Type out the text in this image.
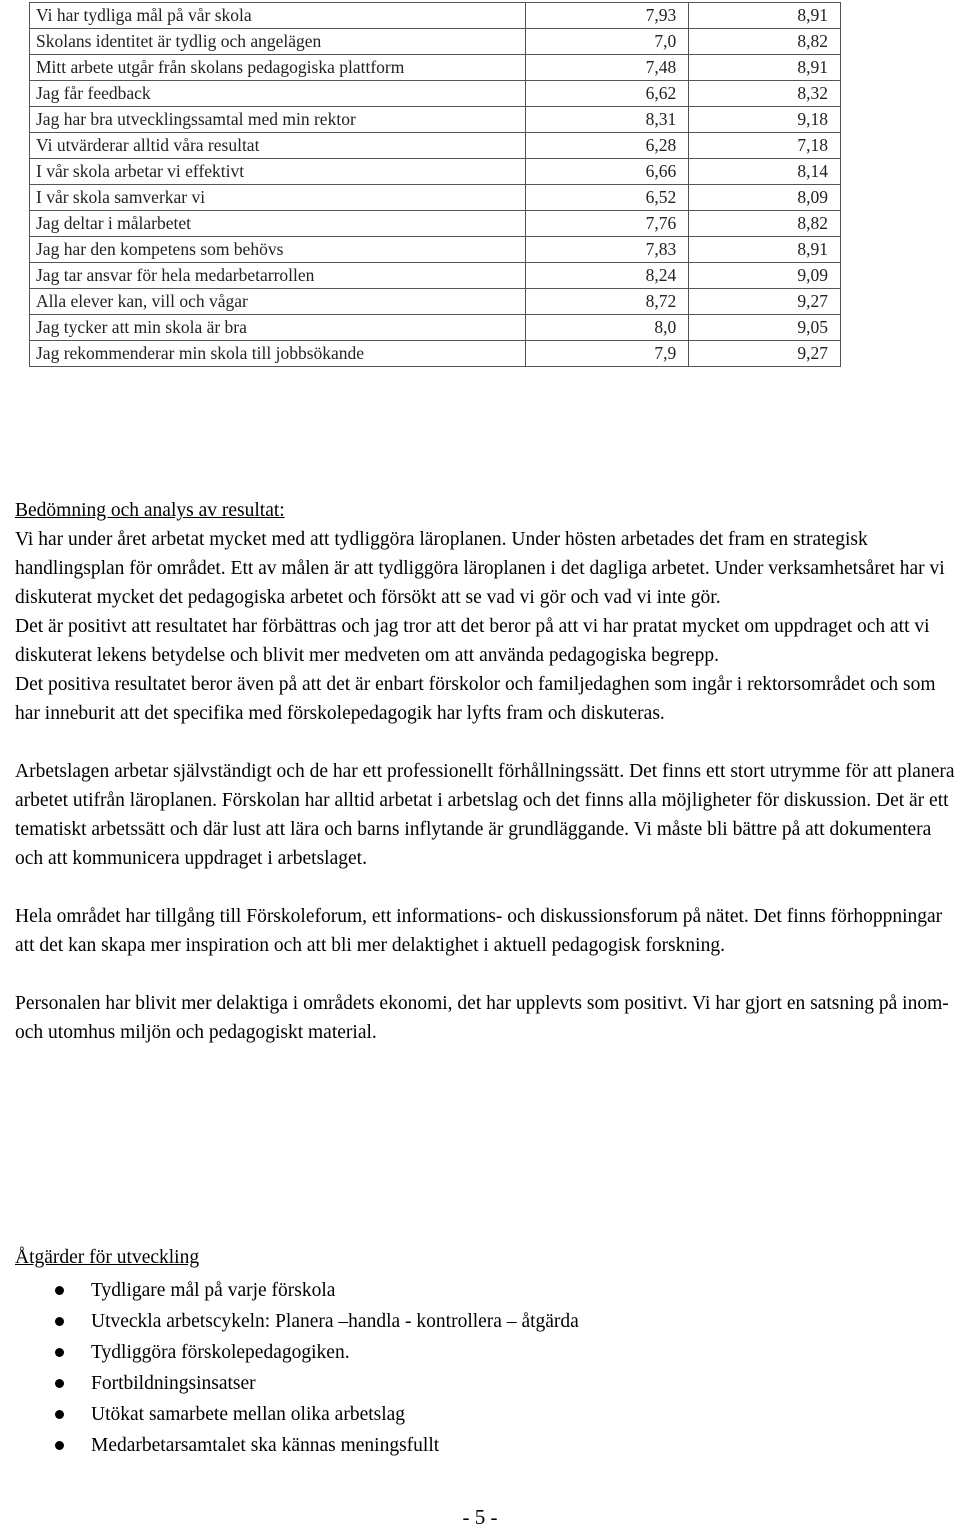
Vi har tydliga mål på vår skola	7,93	8,91
Skolans identitet är tydlig och angelägen	7,0	8,82
Mitt arbete utgår från skolans pedagogiska plattform	7,48	8,91
Jag får feedback	6,62	8,32
Jag har bra utvecklingssamtal med min rektor	8,31	9,18
Vi utvärderar alltid våra resultat	6,28	7,18
I vår skola arbetar vi effektivt	6,66	8,14
I vår skola samverkar vi	6,52	8,09
Jag deltar i målarbetet	7,76	8,82
Jag har den kompetens som behövs	7,83	8,91
Jag tar ansvar för hela medarbetarrollen	8,24	9,09
Alla elever kan, vill och vågar	8,72	9,27
Jag tycker att min skola är bra	8,0	9,05
Jag rekommenderar min skola till jobbsökande	7,9	9,27

Bedömning och analys av resultat:

Vi har under året arbetat mycket med att tydliggöra läroplanen. Under hösten arbetades det fram en strategisk handlingsplan för området. Ett av målen är att tydliggöra läroplanen i det dagliga arbetet. Under verksamhetsåret har vi diskuterat mycket det pedagogiska arbetet och försökt att se vad vi gör och vad vi inte gör.

Det är positivt att resultatet har förbättras och jag tror att det beror på att vi har pratat mycket om uppdraget och att vi diskuterat lekens betydelse och blivit mer medveten om att använda pedagogiska begrepp.

Det positiva resultatet beror även på att det är enbart förskolor och familjedaghen som ingår i rektorsområdet och som har inneburit att det specifika med förskolepedagogik har lyfts fram och diskuteras.

Arbetslagen arbetar självständigt och de har ett professionellt förhållningssätt. Det finns ett stort utrymme för att planera arbetet utifrån läroplanen. Förskolan har alltid arbetat i arbetslag och det finns alla möjligheter för diskussion. Det är ett tematiskt arbetssätt och där lust att lära och barns inflytande är grundläggande. Vi måste bli bättre på att dokumentera och att kommunicera uppdraget i arbetslaget.

Hela området har tillgång till Förskoleforum, ett informations- och diskussionsforum på nätet. Det finns förhoppningar att det kan skapa mer inspiration och att bli mer delaktighet i aktuell pedagogisk forskning.

Personalen har blivit mer delaktiga i områdets ekonomi, det har upplevts som positivt. Vi har gjort en satsning på inom- och utomhus miljön och pedagogiskt material.

Åtgärder för utveckling
Tydligare mål på varje förskola
Utveckla arbetscykeln: Planera –handla - kontrollera – åtgärda
Tydliggöra förskolepedagogiken.
Fortbildningsinsatser
Utökat samarbete mellan olika arbetslag
Medarbetarsamtalet ska kännas meningsfullt
- 5 -
